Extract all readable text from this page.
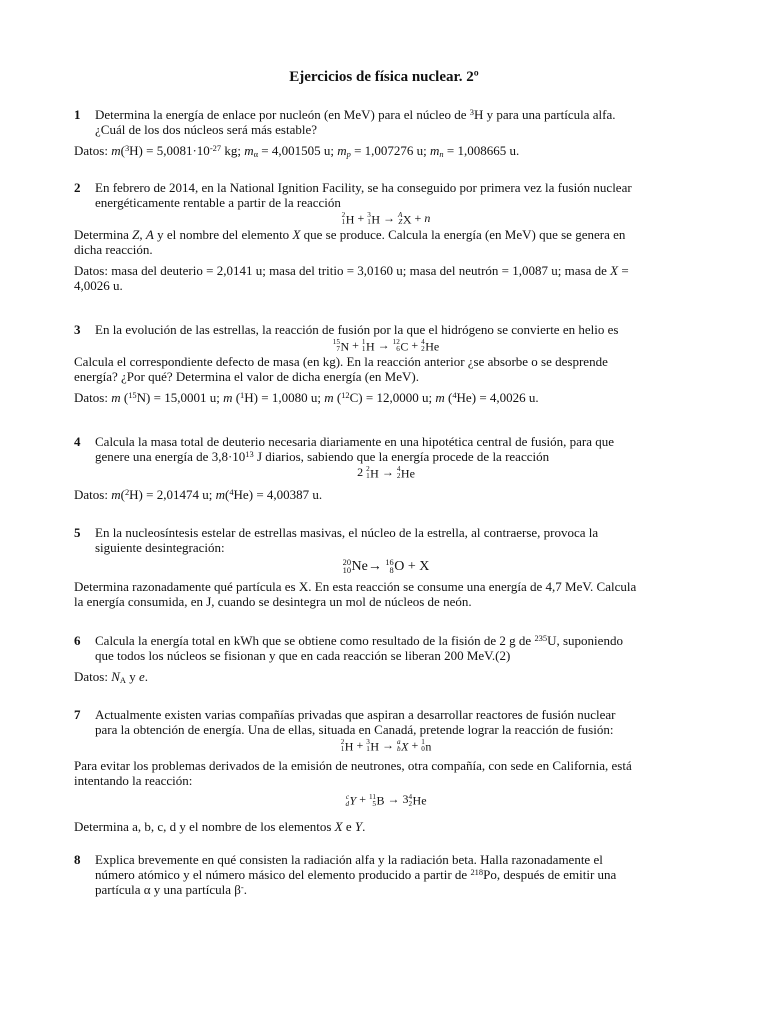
Ejercicios de física nuclear. 2º
1 Determina la energía de enlace por nucleón (en MeV) para el núcleo de $^3$H y para una partícula alfa.
¿Cuál de los dos núcleos será más estable?

Datos: $m(^3H) = 5,0081\cdot 10^{-27}$ kg; $m_\alpha = 4,001505$ u; $m_p = 1,007276$ u; $m_n = 1,008665$ u.

2 En febrero de 2014, en la National Ignition Facility, se ha conseguido por primera vez la fusión nuclear
energéticamente rentable a partir de la reacción
2
1 H + 3
1 H → A
Z X + n

Determina Z, A y el nombre del elemento X que se produce. Calcula la energía (en MeV) que se genera en
dicha reacción.

Datos: masa del deuterio = 2,0141 u; masa del tritio = 3,0160 u; masa del neutrón = 1,0087 u; masa de X =
4,0026 u.

3 En la evolución de las estrellas, la reacción de fusión por la que el hidrógeno se convierte en helio es
15
7 N + 1
1 H → 12
6 C + 4
2 He

Calcula el correspondiente defecto de masa (en kg). En la reacción anterior ¿se absorbe o se desprende
energía? ¿Por qué? Determina el valor de dicha energía (en MeV).

Datos: m ($^{15}$N) = 15,0001 u; m ($^1$H) = 1,0080 u; m ($^{12}$C) = 12,0000 u; m ($^4$He) = 4,0026 u.

4 Calcula la masa total de deuterio necesaria diariamente en una hipotética central de fusión, para que
genere una energía de $3,8\cdot 10^{13}$ J diarios, sabiendo que la energía procede de la reacción
2 2
1 H → 4
2 He

Datos: m($^2$H) = 2,01474 u; m($^4$He) = 4,00387 u.

5 En la nucleosíntesis estelar de estrellas masivas, el núcleo de la estrella, al contraerse, provoca la
siguiente desintegración:
20
10 Ne→ 16
8 O + X

Determina razonadamente qué partícula es X. En esta reacción se consume una energía de 4,7 MeV. Calcula
la energía consumida, en J, cuando se desintegra un mol de núcleos de neón.

6 Calcula la energía total en kWh que se obtiene como resultado de la fisión de 2 g de $^{235}$U, suponiendo
que todos los núcleos se fisionan y que en cada reacción se liberan 200 MeV.(2)

Datos: $N_A$ y e.

7 Actualmente existen varias compañías privadas que aspiran a desarrollar reactores de fusión nuclear
para la obtención de energía. Una de ellas, situada en Canadá, pretende lograr la reacción de fusión:
2
1 H + 3
1 H → a
b X + 1
0 n

Para evitar los problemas derivados de la emisión de neutrones, otra compañía, con sede en California, está
intentando la reacción:

c
d Y + 11
5 B → 3 4
2 He

Determina a, b, c, d y el nombre de los elementos X e Y.

8 Explica brevemente en qué consisten la radiación alfa y la radiación beta. Halla razonadamente el
número atómico y el número másico del elemento producido a partir de $^{218}$Po, después de emitir una
partícula α y una partícula β-.
